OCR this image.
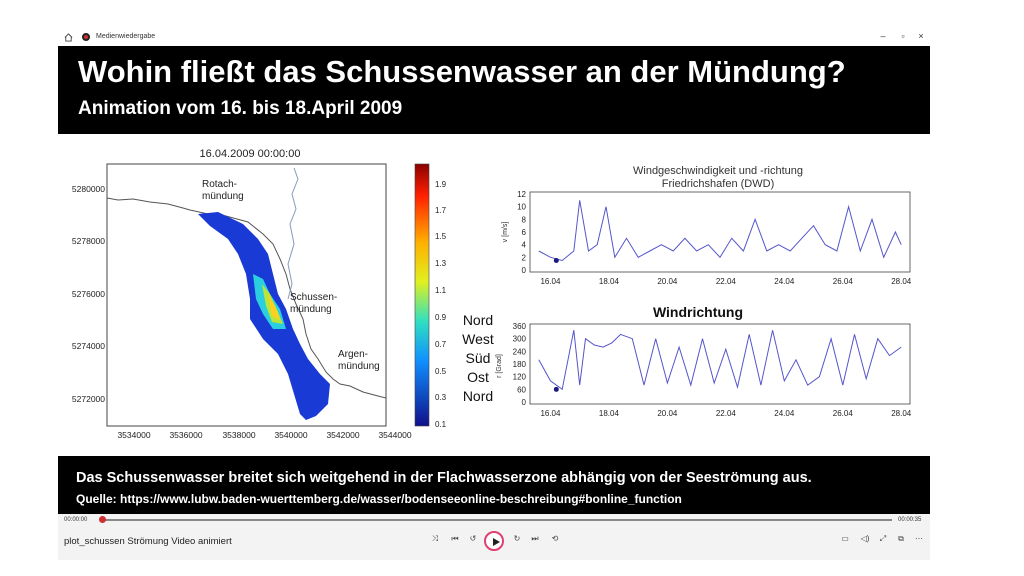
Medienwiedergabe	–	▫	×
Wohin fließt das Schussenwasser an der Mündung?
Animation vom 16. bis 18.April 2009
16.04.2009 00:00:00
3534000 3536000 3538000 3540000 3542000 3544000
5280000
5278000
5276000
5274000
5272000
Rotach-
mündung
Schussen-
mündung
Argen-
mündung
1.9
1.7
1.5
1.3
1.1
0.9
0.7
0.5
0.3
0.1
Nord
West
Süd
Ost
Nord
Windgeschwindigkeit und -richtung
Friedrichshafen (DWD)
v [m/s]
12
10
8
6
4
2
0
16.04	18.04	20.04	22.04	24.04	26.04	28.04
Windrichtung
r [Grad]
360
300
240
180
120
60
0
16.04	18.04	20.04	22.04	24.04	26.04	28.04
Das Schussenwasser breitet sich weitgehend in der Flachwasserzone abhängig von der Seeströmung aus.
Quelle: https://www.lubw.baden-wuerttemberg.de/wasser/bodenseeonline-beschreibung#bonline_function
00:00:00	00:00:35
plot_schussen Strömung Video animiert	⤨	⏮	↺	↻	⏭	⟲	▭	◁)	⤢	⧉	⋯
